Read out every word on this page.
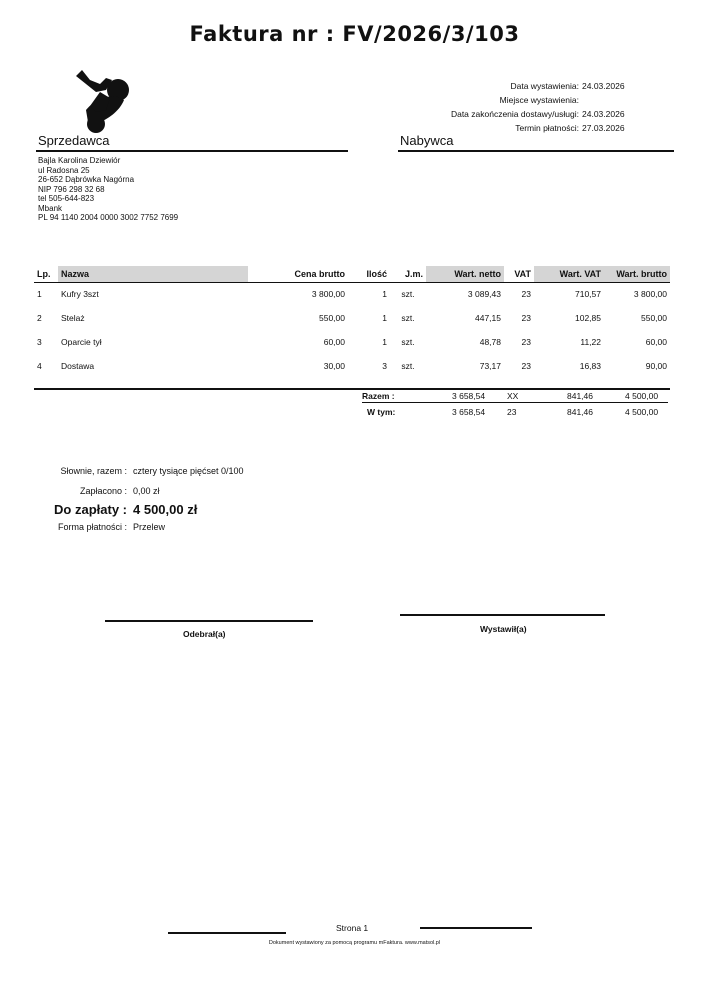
Faktura nr : FV/2026/3/103
Data wystawienia: 24.03.2026
Miejsce wystawienia:
Data zakończenia dostawy/usługi: 24.03.2026
Termin płatności: 27.03.2026
Sprzedawca	Nabywca
Bajla Karolina Dziewiór
ul Radosna 25
26-652 Dąbrówka Nagórna
NIP 796 298 32 68
tel 505-644-823
Mbank
PL 94 1140 2004 0000 3002 7752 7699
Lp.	Nazwa	Cena brutto	Ilość	J.m.	Wart. netto	VAT	Wart. VAT	Wart. brutto
1	Kufry 3szt	3 800,00	1	szt.	3 089,43	23	710,57	3 800,00
2	Stelaż	550,00	1	szt.	447,15	23	102,85	550,00
3	Oparcie tył	60,00	1	szt.	48,78	23	11,22	60,00
4	Dostawa	30,00	3	szt.	73,17	23	16,83	90,00
Razem :	3 658,54	XX	841,46	4 500,00
W tym:	3 658,54	23	841,46	4 500,00
Słownie, razem : cztery tysiące pięćset 0/100
Zapłacono : 0,00 zł
Do zapłaty : 4 500,00 zł
Forma płatności : Przelew
Odebrał(a)	Wystawił(a)
Strona 1
Dokument wystawiony za pomocą programu mFaktura. www.matsol.pl
